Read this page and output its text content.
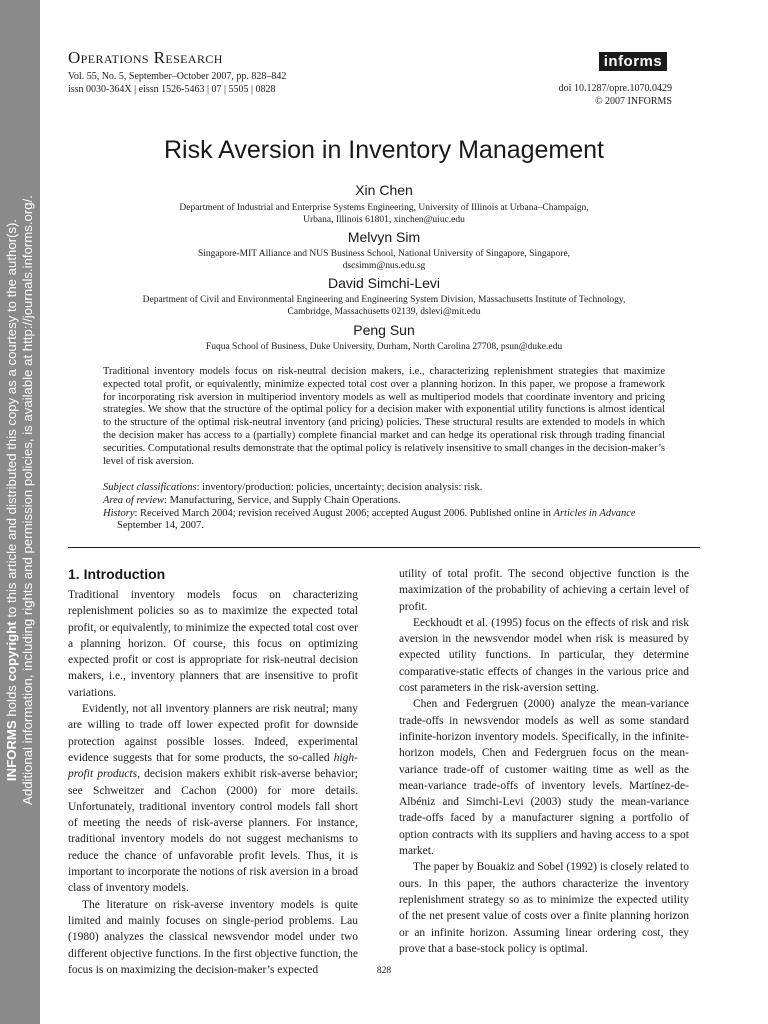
INFORMS holds copyright to this article and distributed this copy as a courtesy to the author(s). Additional information, including rights and permission policies, is available at http://journals.informs.org/.
Operations Research
Vol. 55, No. 5, September–October 2007, pp. 828–842
issn 0030-364X | eissn 1526-5463 | 07 | 5505 | 0828
informs
doi 10.1287/opre.1070.0429
© 2007 INFORMS
Risk Aversion in Inventory Management
Xin Chen
Department of Industrial and Enterprise Systems Engineering, University of Illinois at Urbana–Champaign,
Urbana, Illinois 61801, xinchen@uiuc.edu
Melvyn Sim
Singapore-MIT Alliance and NUS Business School, National University of Singapore, Singapore,
dscsimm@nus.edu.sg
David Simchi-Levi
Department of Civil and Environmental Engineering and Engineering System Division, Massachusetts Institute of Technology,
Cambridge, Massachusetts 02139, dslevi@mit.edu
Peng Sun
Fuqua School of Business, Duke University, Durham, North Carolina 27708, psun@duke.edu
Traditional inventory models focus on risk-neutral decision makers, i.e., characterizing replenishment strategies that maximize expected total profit, or equivalently, minimize expected total cost over a planning horizon. In this paper, we propose a framework for incorporating risk aversion in multiperiod inventory models as well as multiperiod models that coordinate inventory and pricing strategies. We show that the structure of the optimal policy for a decision maker with exponential utility functions is almost identical to the structure of the optimal risk-neutral inventory (and pricing) policies. These structural results are extended to models in which the decision maker has access to a (partially) complete financial market and can hedge its operational risk through trading financial securities. Computational results demonstrate that the optimal policy is relatively insensitive to small changes in the decision-maker’s level of risk aversion.

Subject classifications: inventory/production: policies, uncertainty; decision analysis: risk.

Area of review: Manufacturing, Service, and Supply Chain Operations.

History: Received March 2004; revision received August 2006; accepted August 2006. Published online in Articles in Advance September 14, 2007.

1. Introduction

Traditional inventory models focus on characterizing replenishment policies so as to maximize the expected total profit, or equivalently, to minimize the expected total cost over a planning horizon. Of course, this focus on optimizing expected profit or cost is appropriate for risk-neutral decision makers, i.e., inventory planners that are insensitive to profit variations.

Evidently, not all inventory planners are risk neutral; many are willing to trade off lower expected profit for downside protection against possible losses. Indeed, experimental evidence suggests that for some products, the so-called high-profit products, decision makers exhibit risk-averse behavior; see Schweitzer and Cachon (2000) for more details. Unfortunately, traditional inventory control models fall short of meeting the needs of risk-averse planners. For instance, traditional inventory models do not suggest mechanisms to reduce the chance of unfavorable profit levels. Thus, it is important to incorporate the notions of risk aversion in a broad class of inventory models.

The literature on risk-averse inventory models is quite limited and mainly focuses on single-period problems. Lau (1980) analyzes the classical newsvendor model under two different objective functions. In the first objective function, the focus is on maximizing the decision-maker’s expected

utility of total profit. The second objective function is the maximization of the probability of achieving a certain level of profit.

Eeckhoudt et al. (1995) focus on the effects of risk and risk aversion in the newsvendor model when risk is measured by expected utility functions. In particular, they determine comparative-static effects of changes in the various price and cost parameters in the risk-aversion setting.

Chen and Federgruen (2000) analyze the mean-variance trade-offs in newsvendor models as well as some standard infinite-horizon inventory models. Specifically, in the infinite-horizon models, Chen and Federgruen focus on the mean-variance trade-off of customer waiting time as well as the mean-variance trade-offs of inventory levels. Martínez-de-Albéniz and Simchi-Levi (2003) study the mean-variance trade-offs faced by a manufacturer signing a portfolio of option contracts with its suppliers and having access to a spot market.

The paper by Bouakiz and Sobel (1992) is closely related to ours. In this paper, the authors characterize the inventory replenishment strategy so as to minimize the expected utility of the net present value of costs over a finite planning horizon or an infinite horizon. Assuming linear ordering cost, they prove that a base-stock policy is optimal.

828
